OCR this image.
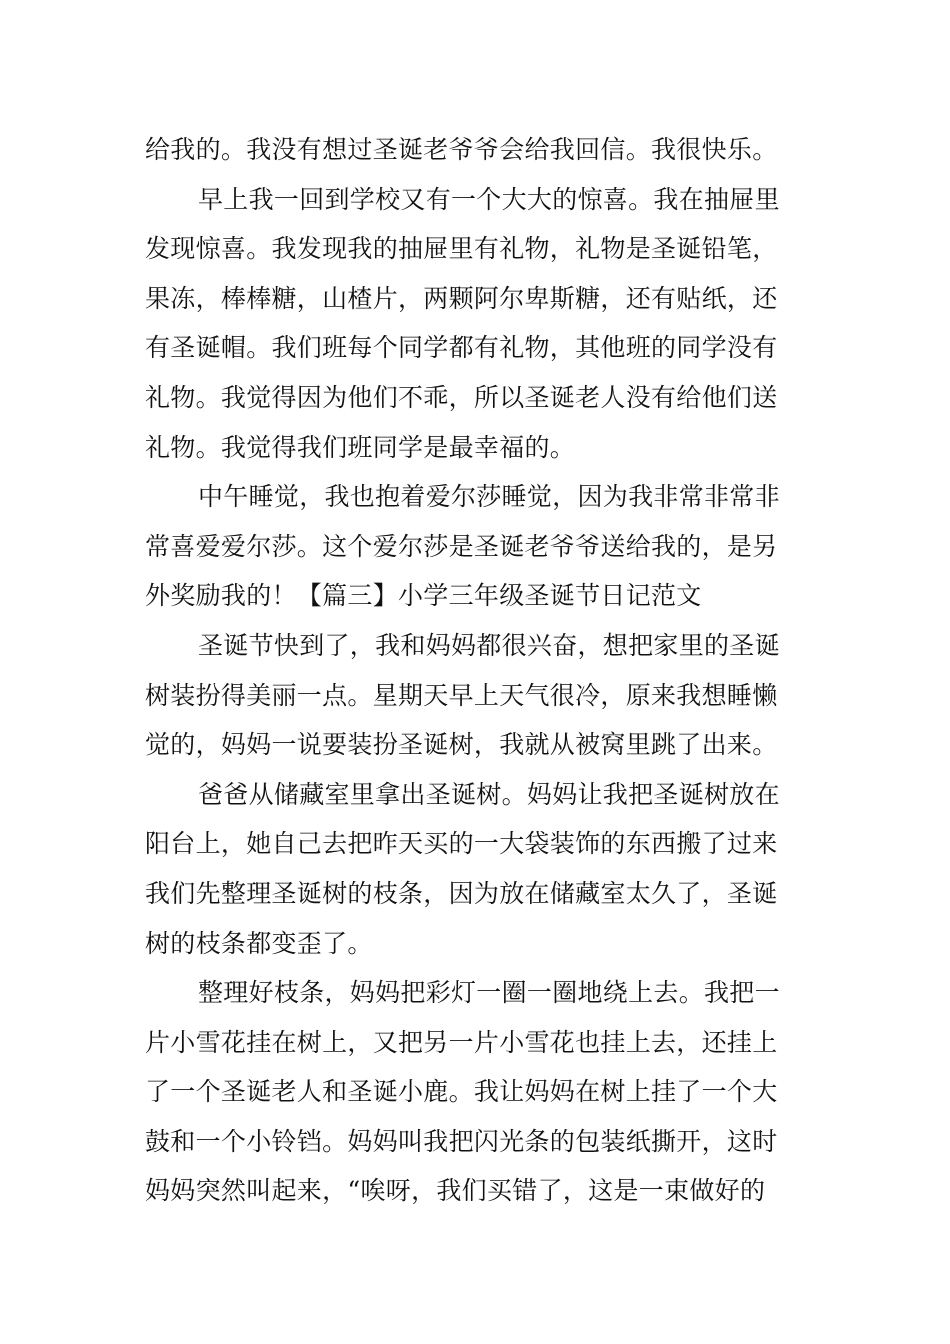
给我的。我没有想过圣诞老爷爷会给我回信。我很快乐。
早上我一回到学校又有一个大大的惊喜。我在抽屉里
发现惊喜。我发现我的抽屉里有礼物，礼物是圣诞铅笔，
果冻，棒棒糖，山楂片，两颗阿尔卑斯糖，还有贴纸，还
有圣诞帽。我们班每个同学都有礼物，其他班的同学没有
礼物。我觉得因为他们不乖，所以圣诞老人没有给他们送
礼物。我觉得我们班同学是最幸福的。
中午睡觉，我也抱着爱尔莎睡觉，因为我非常非常非
常喜爱爱尔莎。这个爱尔莎是圣诞老爷爷送给我的，是另
外奖励我的！【篇三】小学三年级圣诞节日记范文
圣诞节快到了，我和妈妈都很兴奋，想把家里的圣诞
树装扮得美丽一点。星期天早上天气很冷，原来我想睡懒
觉的，妈妈一说要装扮圣诞树，我就从被窝里跳了出来。
爸爸从储藏室里拿出圣诞树。妈妈让我把圣诞树放在
阳台上，她自己去把昨天买的一大袋装饰的东西搬了过来
我们先整理圣诞树的枝条，因为放在储藏室太久了，圣诞
树的枝条都变歪了。
整理好枝条，妈妈把彩灯一圈一圈地绕上去。我把一
片小雪花挂在树上，又把另一片小雪花也挂上去，还挂上
了一个圣诞老人和圣诞小鹿。我让妈妈在树上挂了一个大
鼓和一个小铃铛。妈妈叫我把闪光条的包装纸撕开，这时
妈妈突然叫起来，“唉呀，我们买错了，这是一束做好的
